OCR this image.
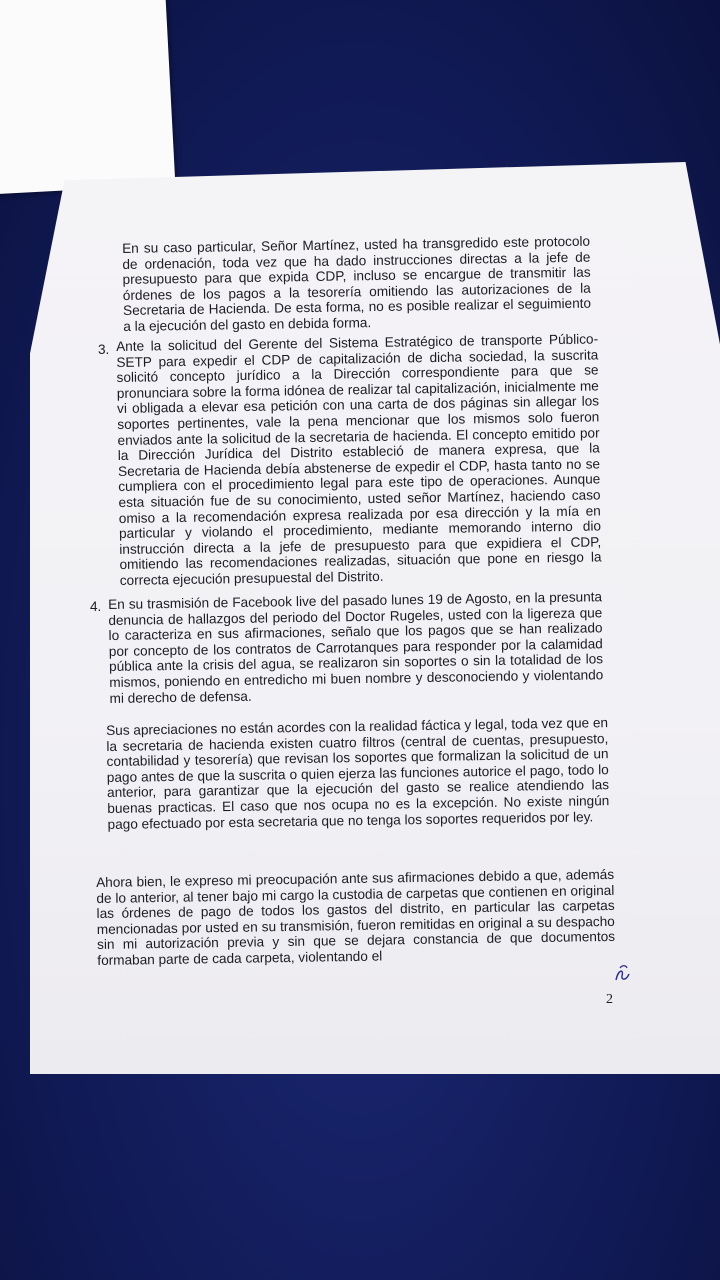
En su caso particular, Señor Martínez, usted ha transgredido este protocolo de ordenación, toda vez que ha dado instrucciones directas a la jefe de presupuesto para que expida CDP, incluso se encargue de transmitir las órdenes de los pagos a la tesorería omitiendo las autorizaciones de la Secretaria de Hacienda. De esta forma, no es posible realizar el seguimiento a la ejecución del gasto en debida forma.
3. Ante la solicitud del Gerente del Sistema Estratégico de transporte Público-SETP para expedir el CDP de capitalización de dicha sociedad, la suscrita solicitó concepto jurídico a la Dirección correspondiente para que se pronunciara sobre la forma idónea de realizar tal capitalización, inicialmente me vi obligada a elevar esa petición con una carta de dos páginas sin allegar los soportes pertinentes, vale la pena mencionar que los mismos solo fueron enviados ante la solicitud de la secretaria de hacienda. El concepto emitido por la Dirección Jurídica del Distrito estableció de manera expresa, que la Secretaria de Hacienda debía abstenerse de expedir el CDP, hasta tanto no se cumpliera con el procedimiento legal para este tipo de operaciones. Aunque esta situación fue de su conocimiento, usted señor Martínez, haciendo caso omiso a la recomendación expresa realizada por esa dirección y la mía en particular y violando el procedimiento, mediante memorando interno dio instrucción directa a la jefe de presupuesto para que expidiera el CDP, omitiendo las recomendaciones realizadas, situación que pone en riesgo la correcta ejecución presupuestal del Distrito.
4. En su trasmisión de Facebook live del pasado lunes 19 de Agosto, en la presunta denuncia de hallazgos del periodo del Doctor Rugeles, usted con la ligereza que lo caracteriza en sus afirmaciones, señalo que los pagos que se han realizado por concepto de los contratos de Carrotanques para responder por la calamidad pública ante la crisis del agua, se realizaron sin soportes o sin la totalidad de los mismos, poniendo en entredicho mi buen nombre y desconociendo y violentando mi derecho de defensa.
Sus apreciaciones no están acordes con la realidad fáctica y legal, toda vez que en la secretaria de hacienda existen cuatro filtros (central de cuentas, presupuesto, contabilidad y tesorería) que revisan los soportes que formalizan la solicitud de un pago antes de que la suscrita o quien ejerza las funciones autorice el pago, todo lo anterior, para garantizar que la ejecución del gasto se realice atendiendo las buenas practicas. El caso que nos ocupa no es la excepción. No existe ningún pago efectuado por esta secretaria que no tenga los soportes requeridos por ley.
Ahora bien, le expreso mi preocupación ante sus afirmaciones debido a que, además de lo anterior, al tener bajo mi cargo la custodia de carpetas que contienen en original las órdenes de pago de todos los gastos del distrito, en particular las carpetas mencionadas por usted en su transmisión, fueron remitidas en original a su despacho sin mi autorización previa y sin que se dejara constancia de que documentos formaban parte de cada carpeta, violentando el
2
